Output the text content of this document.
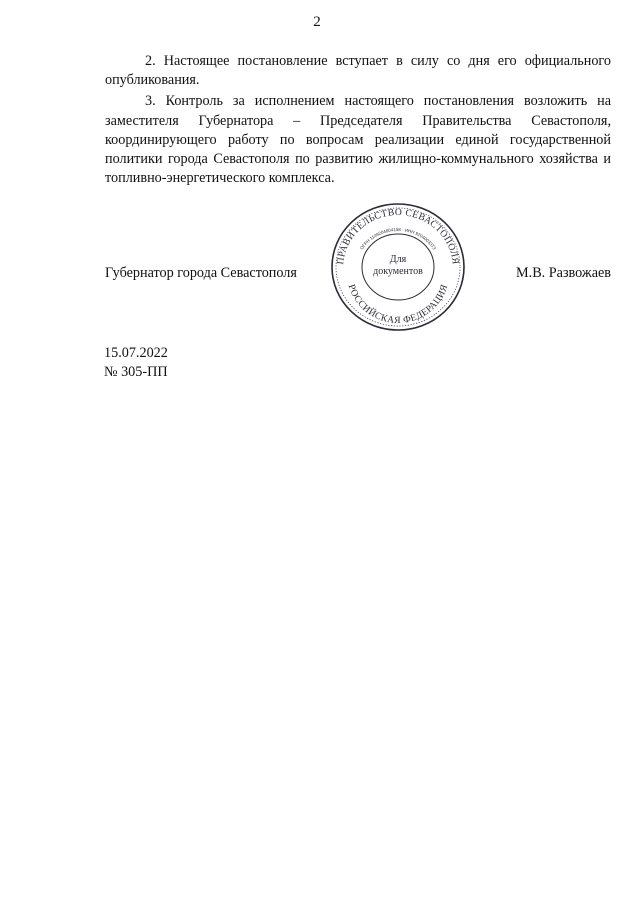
2

2. Настоящее постановление вступает в силу со дня его официального опубликования.

3. Контроль за исполнением настоящего постановления возложить на заместителя Губернатора – Председателя Правительства Севастополя, координирующего работу по вопросам реализации единой государственной политики города Севастополя по развитию жилищно-коммунального хозяйства и топливно-энергетического комплекса.

Губернатор города Севастополя	М.В. Развожаев
ПРАВИТЕЛЬСТВО СЕВАСТОПОЛЯ
РОССИЙСКАЯ ФЕДЕРАЦИЯ
ОГРН 1149204004158 · ИНН 9204003373
Для
документов
15.07.2022
№ 305-ПП
